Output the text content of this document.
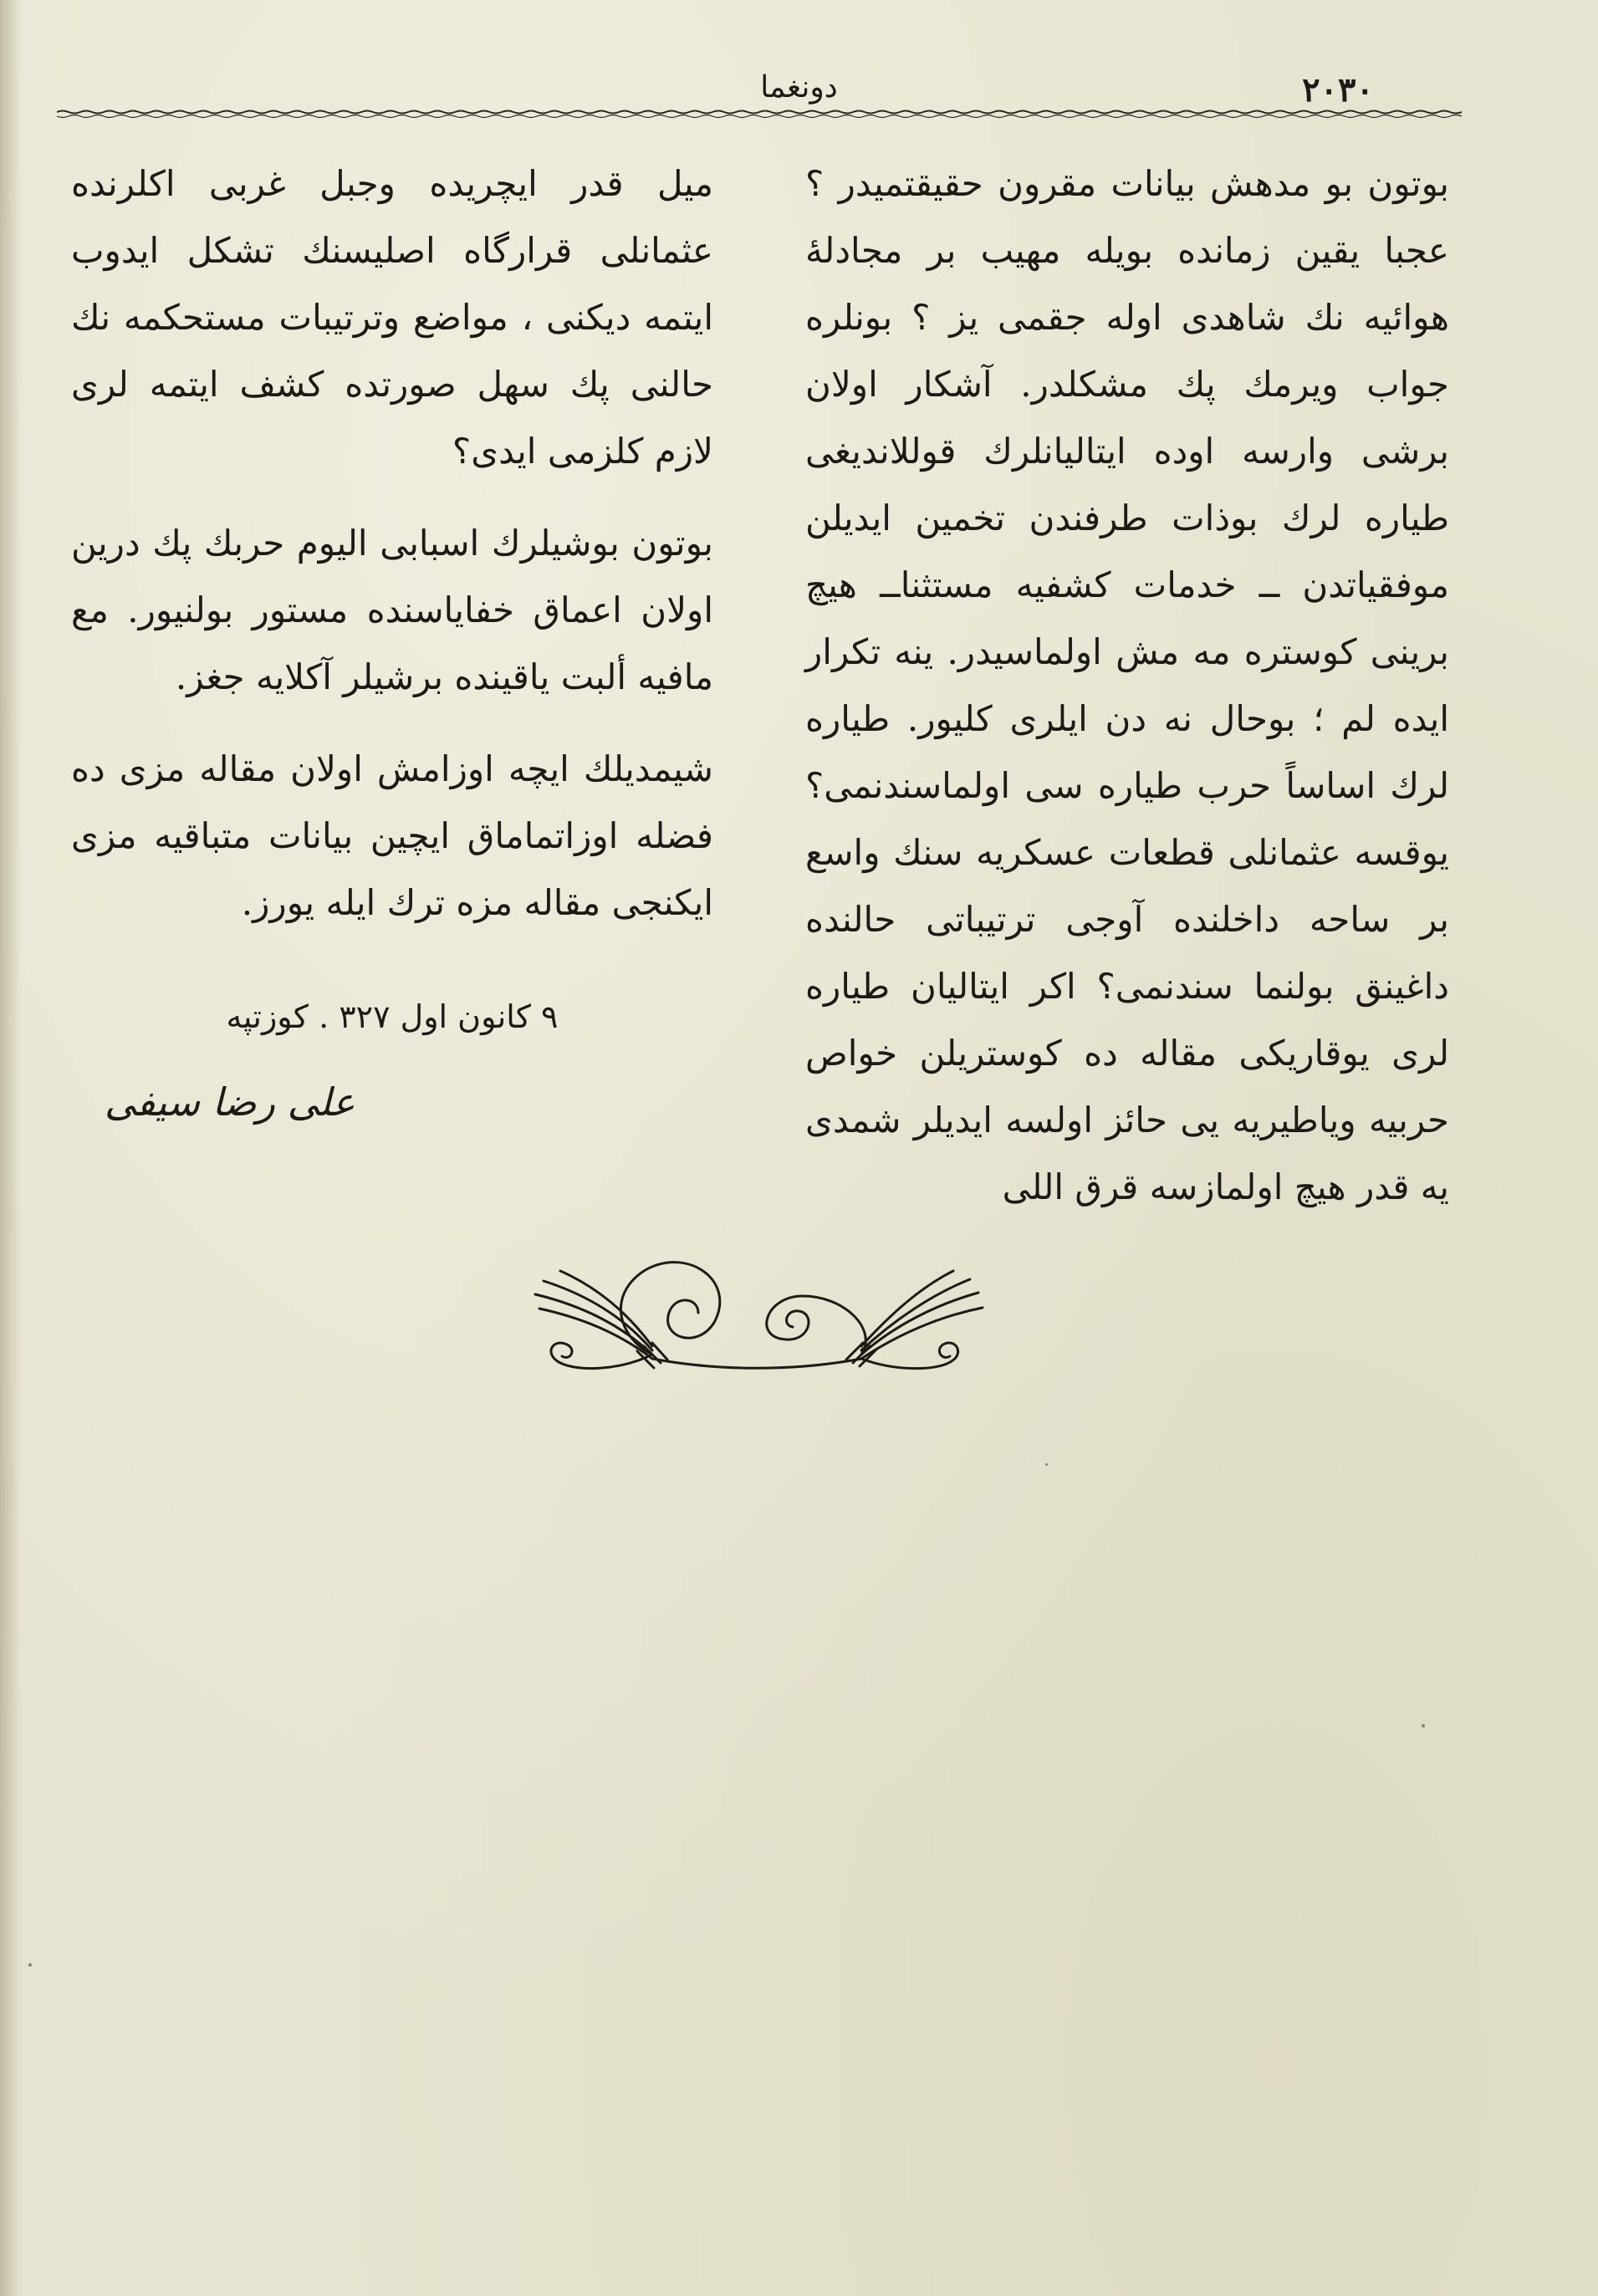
٢٠٣٠
دونغما

بوتون بو مدهش بيانات مقرون حقيقتميدر ؟ عجبا يقين زمانده بويله مهيب بر مجادلهٔ هوائيه نك شاهدى اوله جقمى يز ؟ بونلره جواب ويرمك پك مشكلدر. آشكار اولان برشى وارسه اوده ايتاليانلرك قوللانديغى طياره لرك بوذات طرفندن تخمين ايديلن موفقياتدن ــ خدمات كشفيه مستثناــ هيچ برينى كوستره مه مش اولماسيدر. ينه تكرار ايده لم ؛ بوحال نه دن ايلرى كليور. طياره لرك اساساً حرب طياره سى اولماسندنمى؟ يوقسه عثمانلى قطعات عسكريه سنك واسع بر ساحه داخلنده آوجى ترتيباتى حالنده داغينق بولنما سندنمى؟ اكر ايتاليان طياره لرى يوقاريكى مقاله ده كوستريلن خواص حربيه وياطيريه يى حائز اولسه ايديلر شمدى يه قدر هيچ اولمازسه قرق اللى

ميل قدر ايچريده وجبل غربى اكلرنده عثمانلى قرارگاه اصليسنك تشكل ايدوب ايتمه ديكنى ، مواضع وترتيبات مستحكمه نك حالنى پك سهل صورتده كشف ايتمه لرى لازم كلزمى ايدى؟

بوتون بوشيلرك اسبابى اليوم حربك پك درين اولان اعماق خفاياسنده مستور بولنيور. مع مافيه ألبت ياقينده برشيلر آكلايه جغز.

شيمديلك ايچه اوزامش اولان مقاله مزى ده فضله اوزاتماماق ايچين بيانات متباقيه مزى ايكنجى مقاله مزه ترك ايله يورز.

٩ كانون اول ٣٢٧ . كوزتپه
على رضا سيفى
